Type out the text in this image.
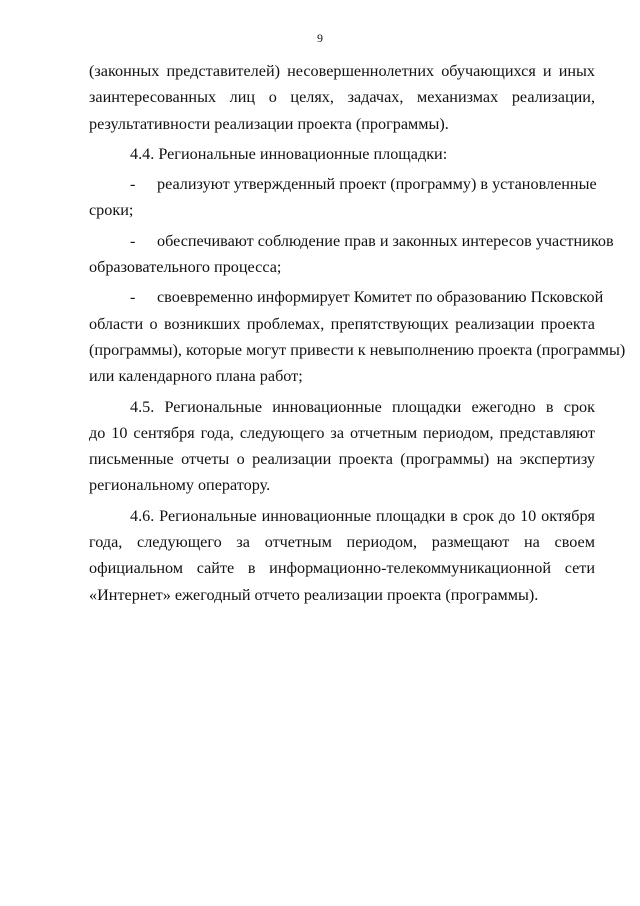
9
(законных представителей) несовершеннолетних обучающихся и иных
заинтересованных лиц о целях, задачах, механизмах реализации,
результативности реализации проекта (программы).
4.4. Региональные инновационные площадки:
-	реализуют утвержденный проект (программу) в установленные
сроки;
-	обеспечивают соблюдение прав и законных интересов участников
образовательного процесса;
-	своевременно информирует Комитет по образованию Псковской
области о возникших проблемах, препятствующих реализации проекта
(программы), которые могут привести к невыполнению проекта (программы)
или календарного плана работ;
4.5. Региональные инновационные площадки ежегодно в срок
до 10 сентября года, следующего за отчетным периодом, представляют
письменные отчеты о реализации проекта (программы) на экспертизу
региональному оператору.
4.6. Региональные инновационные площадки в срок до 10 октября
года, следующего за отчетным периодом, размещают на своем
официальном сайте в информационно-телекоммуникационной сети
«Интернет» ежегодный отчето реализации проекта (программы).
